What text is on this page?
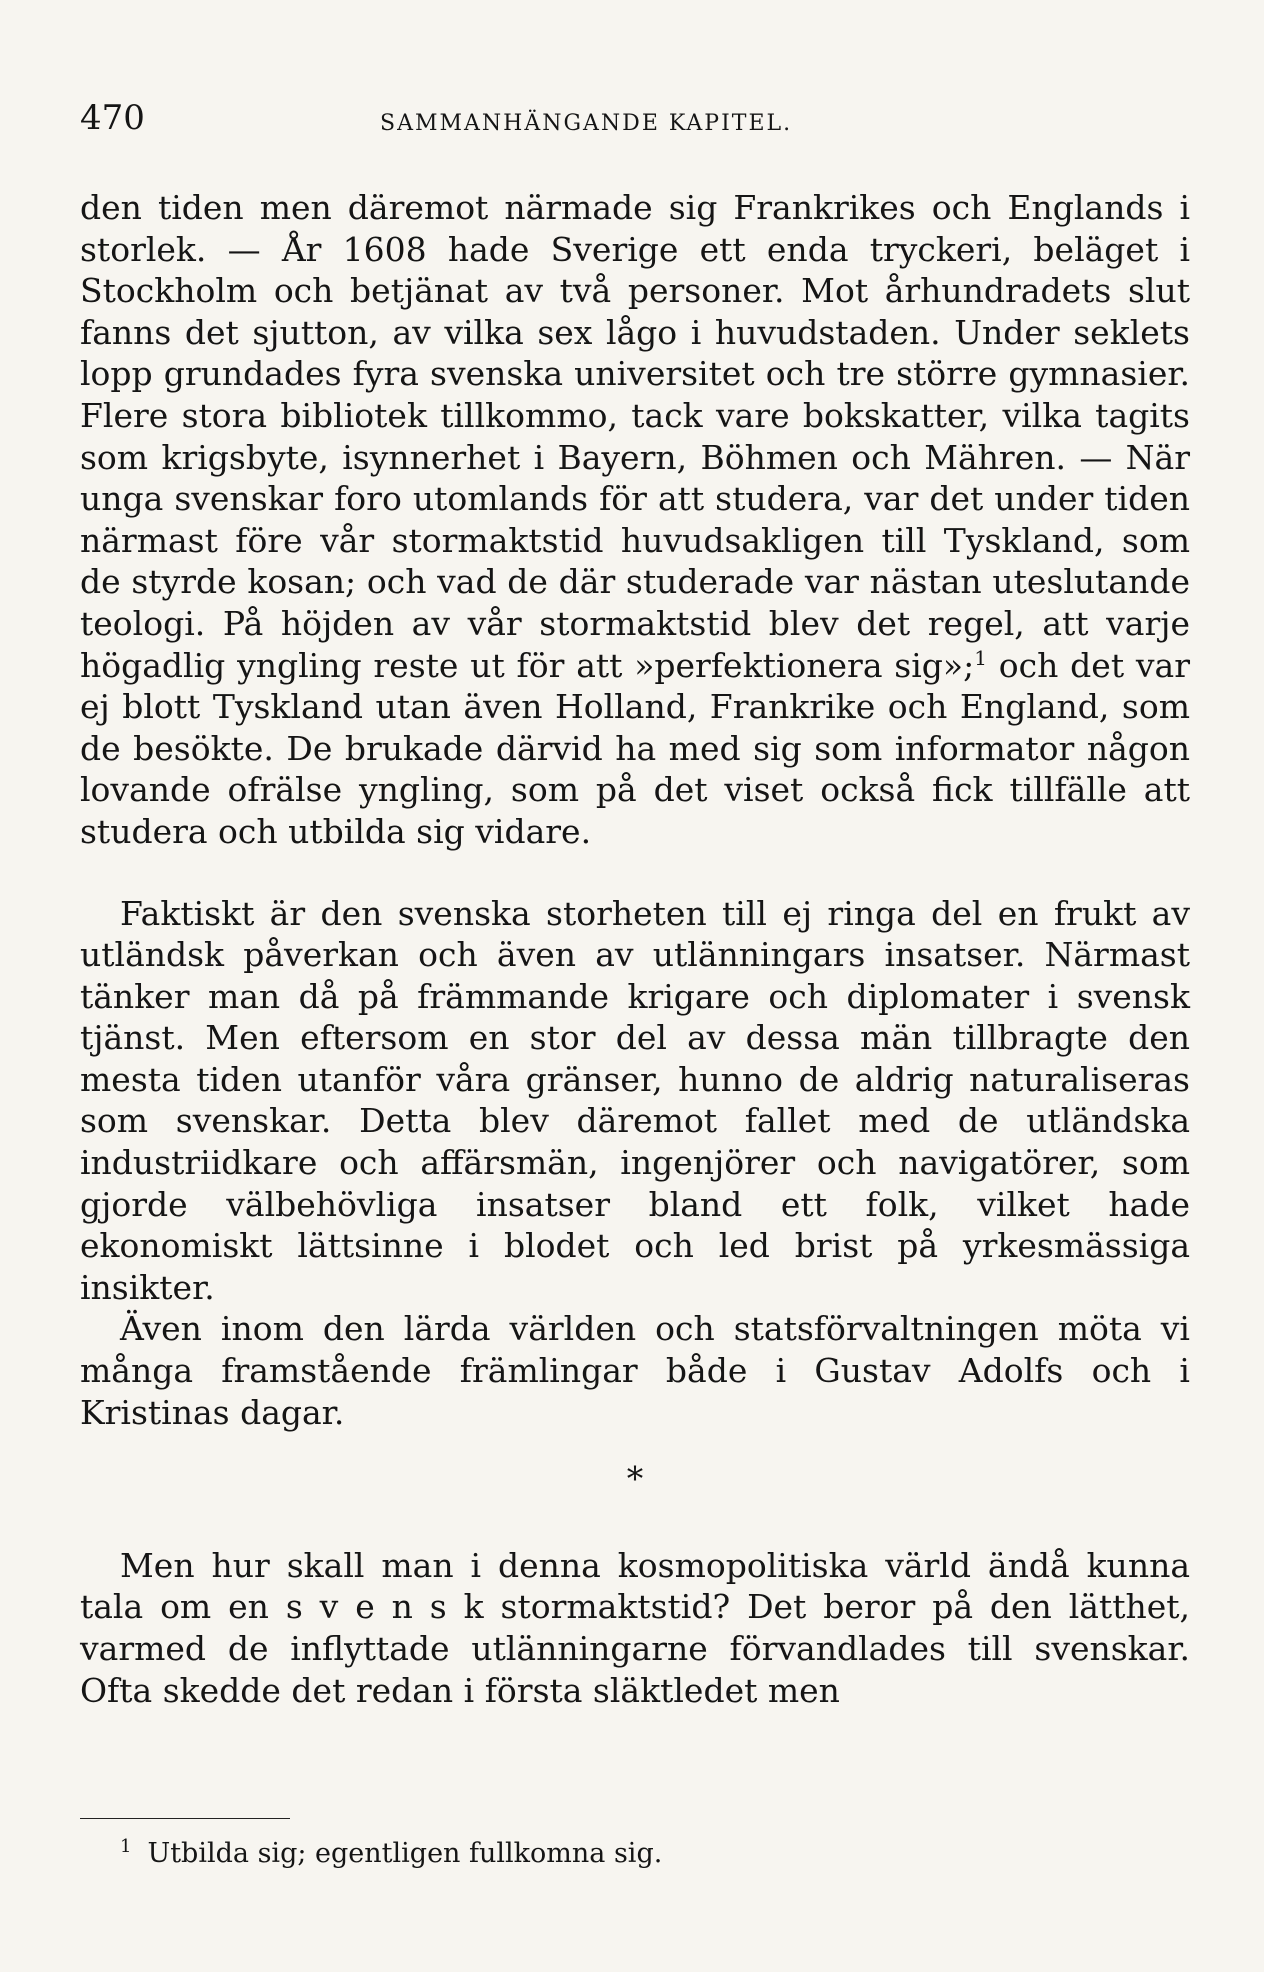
470	SAMMANHÄNGANDE KAPITEL.

den tiden men däremot närmade sig Frankrikes och Englands i storlek. — År 1608 hade Sverige ett enda tryckeri, beläget i Stockholm och betjänat av två personer. Mot århundradets slut fanns det sjutton, av vilka sex lågo i huvudstaden. Under seklets lopp grundades fyra svenska universitet och tre större gymnasier. Flere stora bibliotek tillkommo, tack vare bokskatter, vilka tagits som krigsbyte, isynnerhet i Bayern, Böhmen och Mähren. — När unga svenskar foro utomlands för att studera, var det under tiden närmast före vår stormaktstid huvudsakligen till Tyskland, som de styrde kosan; och vad de där studerade var nästan uteslutande teologi. På höjden av vår stormaktstid blev det regel, att varje högadlig yngling reste ut för att »perfektionera sig»;$^1$ och det var ej blott Tyskland utan även Holland, Frankrike och England, som de besökte. De brukade därvid ha med sig som informator någon lovande ofrälse yngling, som på det viset också fick tillfälle att studera och utbilda sig vidare.

Faktiskt är den svenska storheten till ej ringa del en frukt av utländsk påverkan och även av utlänningars insatser. Närmast tänker man då på främmande krigare och diplomater i svensk tjänst. Men eftersom en stor del av dessa män tillbragte den mesta tiden utanför våra gränser, hunno de aldrig naturaliseras som svenskar. Detta blev däremot fallet med de utländska industriidkare och affärsmän, ingenjörer och navigatörer, som gjorde välbehövliga insatser bland ett folk, vilket hade ekonomiskt lättsinne i blodet och led brist på yrkesmässiga insikter.

Även inom den lärda världen och statsförvaltningen möta vi många framstående främlingar både i Gustav Adolfs och i Kristinas dagar.

*

Men hur skall man i denna kosmopolitiska värld ändå kunna tala om en s v e n s k stormaktstid? Det beror på den lätthet, varmed de inflyttade utlänningarne förvandlades till svenskar. Ofta skedde det redan i första släktledet men

$^1$ Utbilda sig; egentligen fullkomna sig.
